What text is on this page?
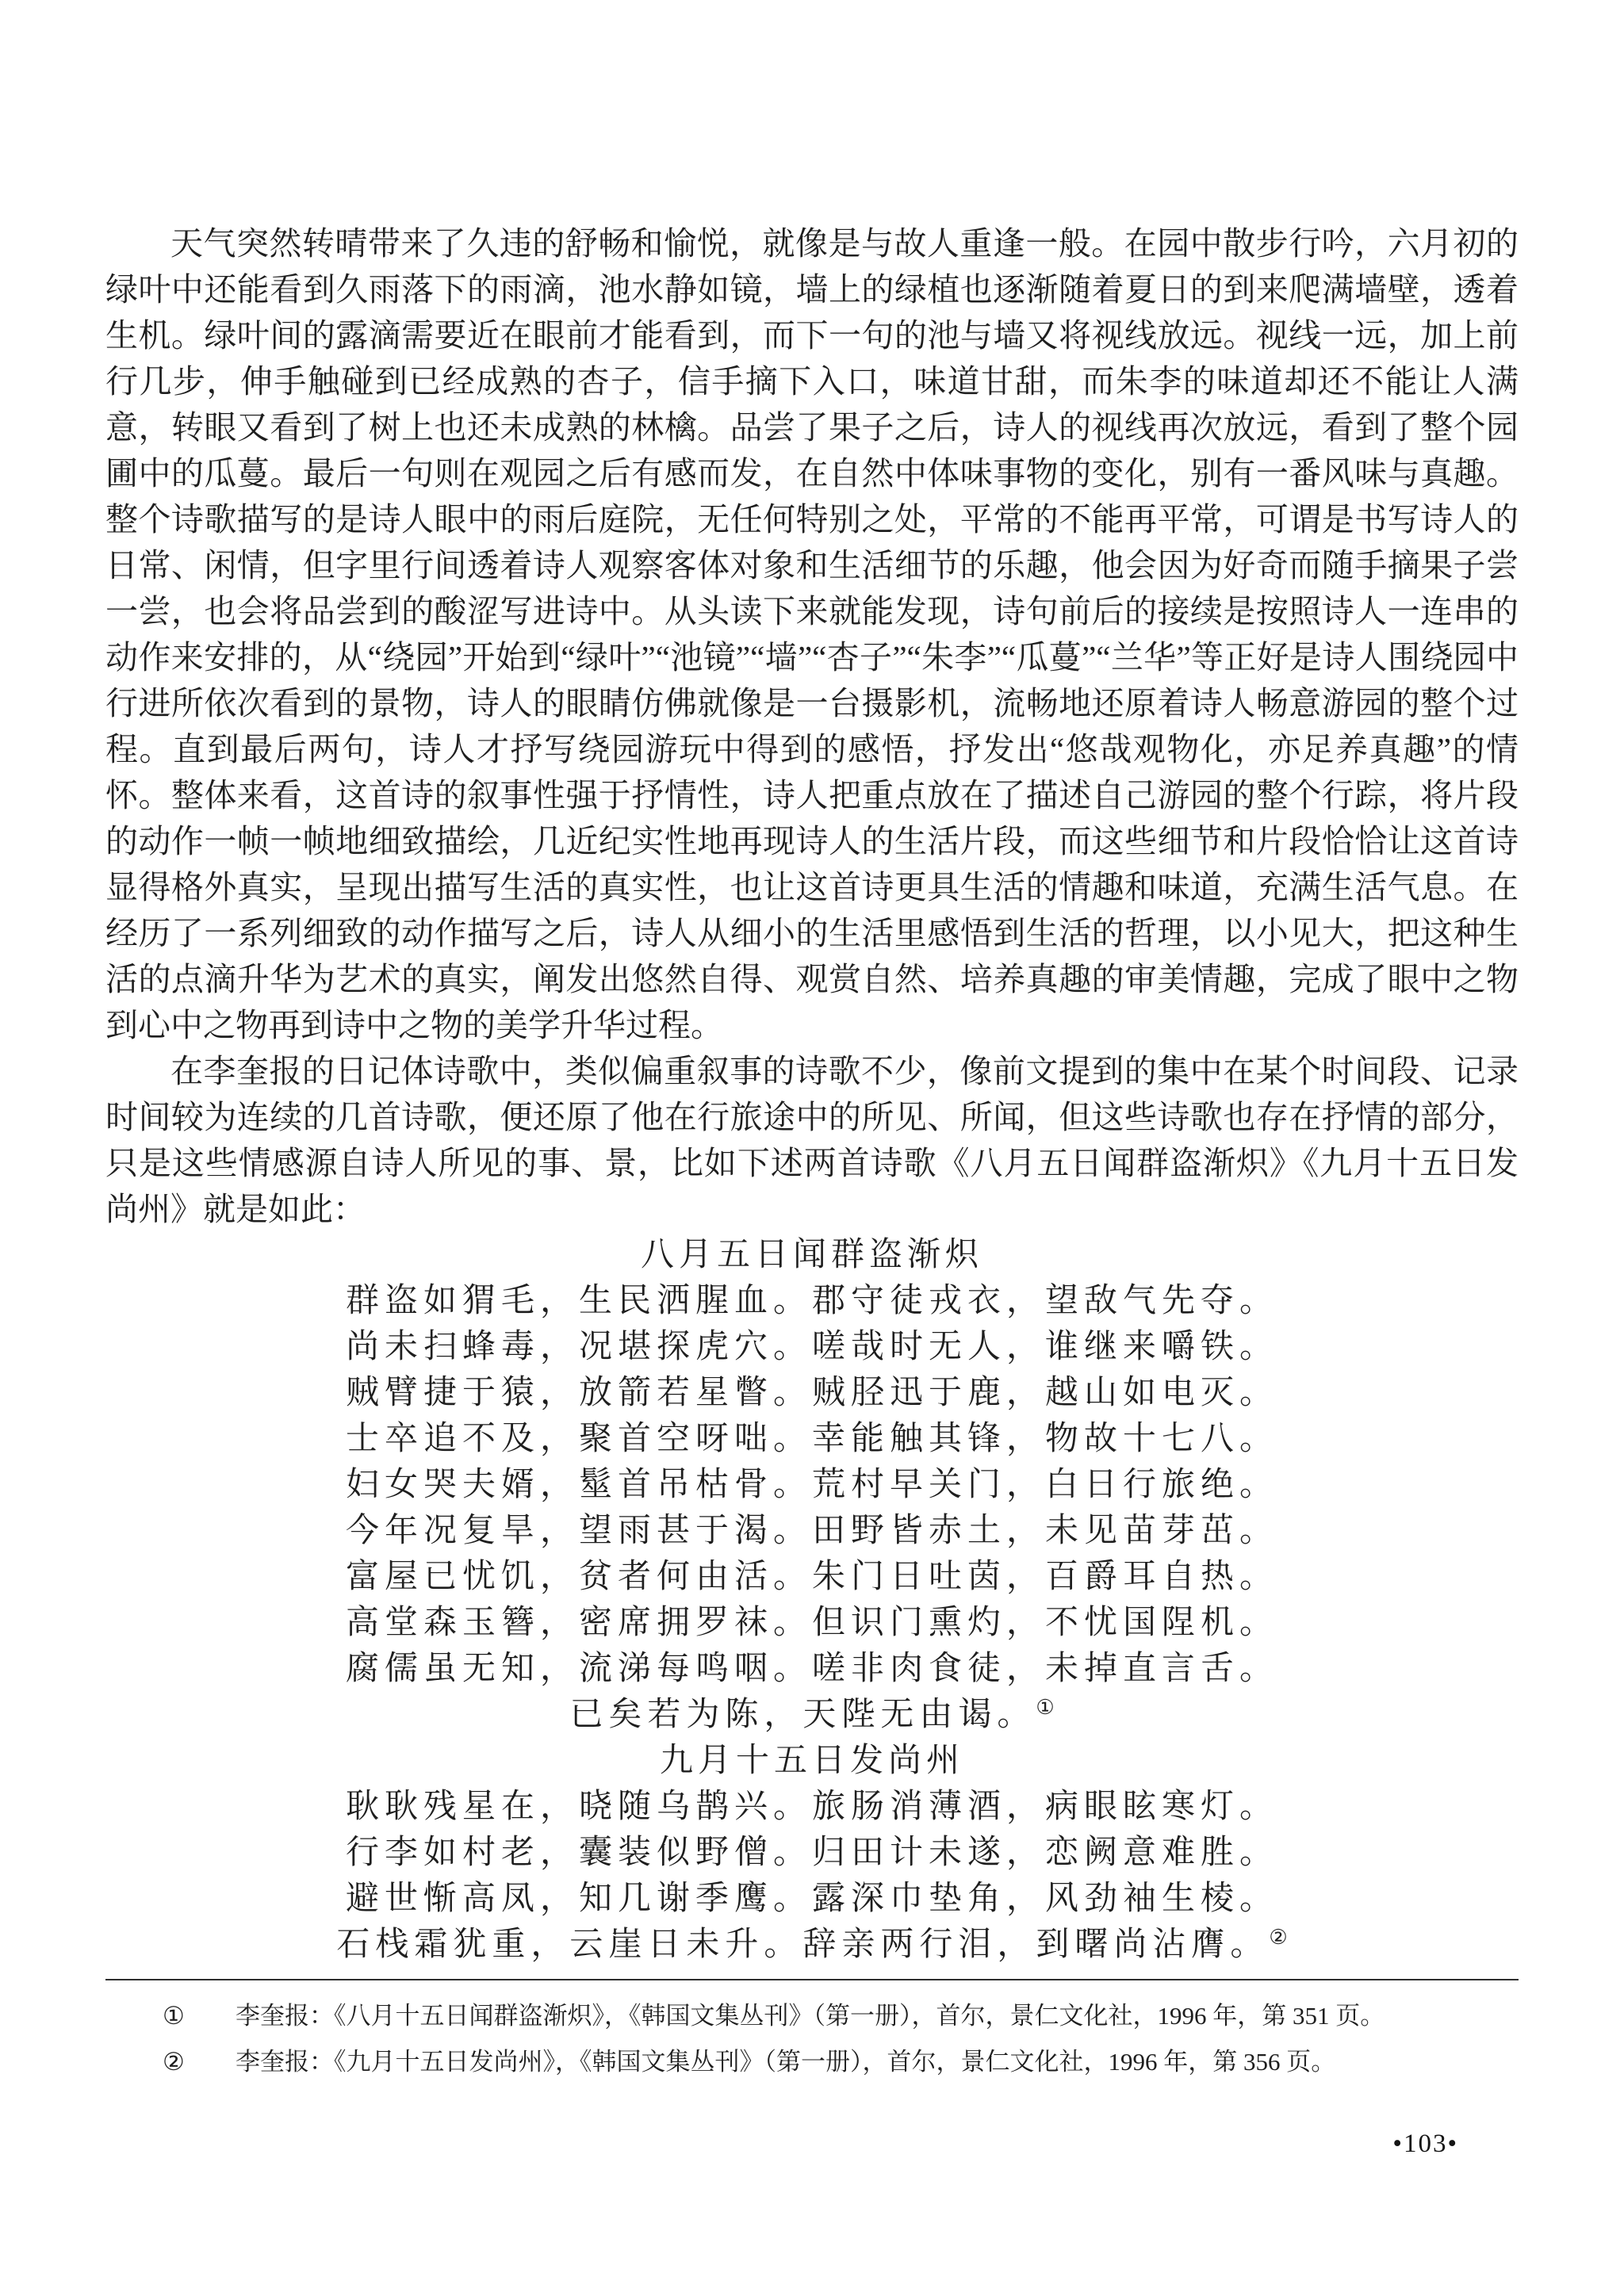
天气突然转晴带来了久违的舒畅和愉悦，就像是与故人重逢一般。在园中散步行吟，六月初的绿叶中还能看到久雨落下的雨滴，池水静如镜，墙上的绿植也逐渐随着夏日的到来爬满墙壁，透着生机。绿叶间的露滴需要近在眼前才能看到，而下一句的池与墙又将视线放远。视线一远，加上前行几步，伸手触碰到已经成熟的杏子，信手摘下入口，味道甘甜，而朱李的味道却还不能让人满意，转眼又看到了树上也还未成熟的林檎。品尝了果子之后，诗人的视线再次放远，看到了整个园圃中的瓜蔓。最后一句则在观园之后有感而发，在自然中体味事物的变化，别有一番风味与真趣。整个诗歌描写的是诗人眼中的雨后庭院，无任何特别之处，平常的不能再平常，可谓是书写诗人的日常、闲情，但字里行间透着诗人观察客体对象和生活细节的乐趣，他会因为好奇而随手摘果子尝一尝，也会将品尝到的酸涩写进诗中。从头读下来就能发现，诗句前后的接续是按照诗人一连串的动作来安排的，从“绕园”开始到“绿叶”“池镜”“墙”“杏子”“朱李”“瓜蔓”“兰华”等正好是诗人围绕园中行进所依次看到的景物，诗人的眼睛仿佛就像是一台摄影机，流畅地还原着诗人畅意游园的整个过程。直到最后两句，诗人才抒写绕园游玩中得到的感悟，抒发出“悠哉观物化，亦足养真趣”的情怀。整体来看，这首诗的叙事性强于抒情性，诗人把重点放在了描述自己游园的整个行踪，将片段的动作一帧一帧地细致描绘，几近纪实性地再现诗人的生活片段，而这些细节和片段恰恰让这首诗显得格外真实，呈现出描写生活的真实性，也让这首诗更具生活的情趣和味道，充满生活气息。在经历了一系列细致的动作描写之后，诗人从细小的生活里感悟到生活的哲理，以小见大，把这种生活的点滴升华为艺术的真实，阐发出悠然自得、观赏自然、培养真趣的审美情趣，完成了眼中之物到心中之物再到诗中之物的美学升华过程。

在李奎报的日记体诗歌中，类似偏重叙事的诗歌不少，像前文提到的集中在某个时间段、记录时间较为连续的几首诗歌，便还原了他在行旅途中的所见、所闻，但这些诗歌也存在抒情的部分，只是这些情感源自诗人所见的事、景，比如下述两首诗歌《八月五日闻群盗渐炽》《九月十五日发尚州》就是如此：

八月五日闻群盗渐炽
群盗如猬毛，生民洒腥血。郡守徒戎衣，望敌气先夺。
尚未扫蜂毒，况堪探虎穴。嗟哉时无人，谁继来嚼铁。
贼臂捷于猿，放箭若星瞥。贼胫迅于鹿，越山如电灭。
士卒追不及，聚首空呀咄。幸能触其锋，物故十七八。
妇女哭夫婿，髽首吊枯骨。荒村早关门，白日行旅绝。
今年况复旱，望雨甚于渴。田野皆赤土，未见苗芽茁。
富屋已忧饥，贫者何由活。朱门日吐茵，百爵耳自热。
高堂森玉簪，密席拥罗袜。但识门熏灼，不忧国陧机。
腐儒虽无知，流涕每鸣咽。嗟非肉食徒，未掉直言舌。
已矣若为陈，天陛无由谒。①
九月十五日发尚州
耿耿残星在，晓随乌鹊兴。旅肠消薄酒，病眼眩寒灯。
行李如村老，囊装似野僧。归田计未遂，恋阙意难胜。
避世惭高凤，知几谢季鹰。露深巾垫角，风劲袖生棱。
石栈霜犹重，云崖日未升。辞亲两行泪，到曙尚沾膺。②
① 李奎报：《八月十五日闻群盗渐炽》，《韩国文集丛刊》（第一册），首尔，景仁文化社，1996 年，第 351 页。
② 李奎报：《九月十五日发尚州》，《韩国文集丛刊》（第一册），首尔，景仁文化社，1996 年，第 356 页。
•103•
